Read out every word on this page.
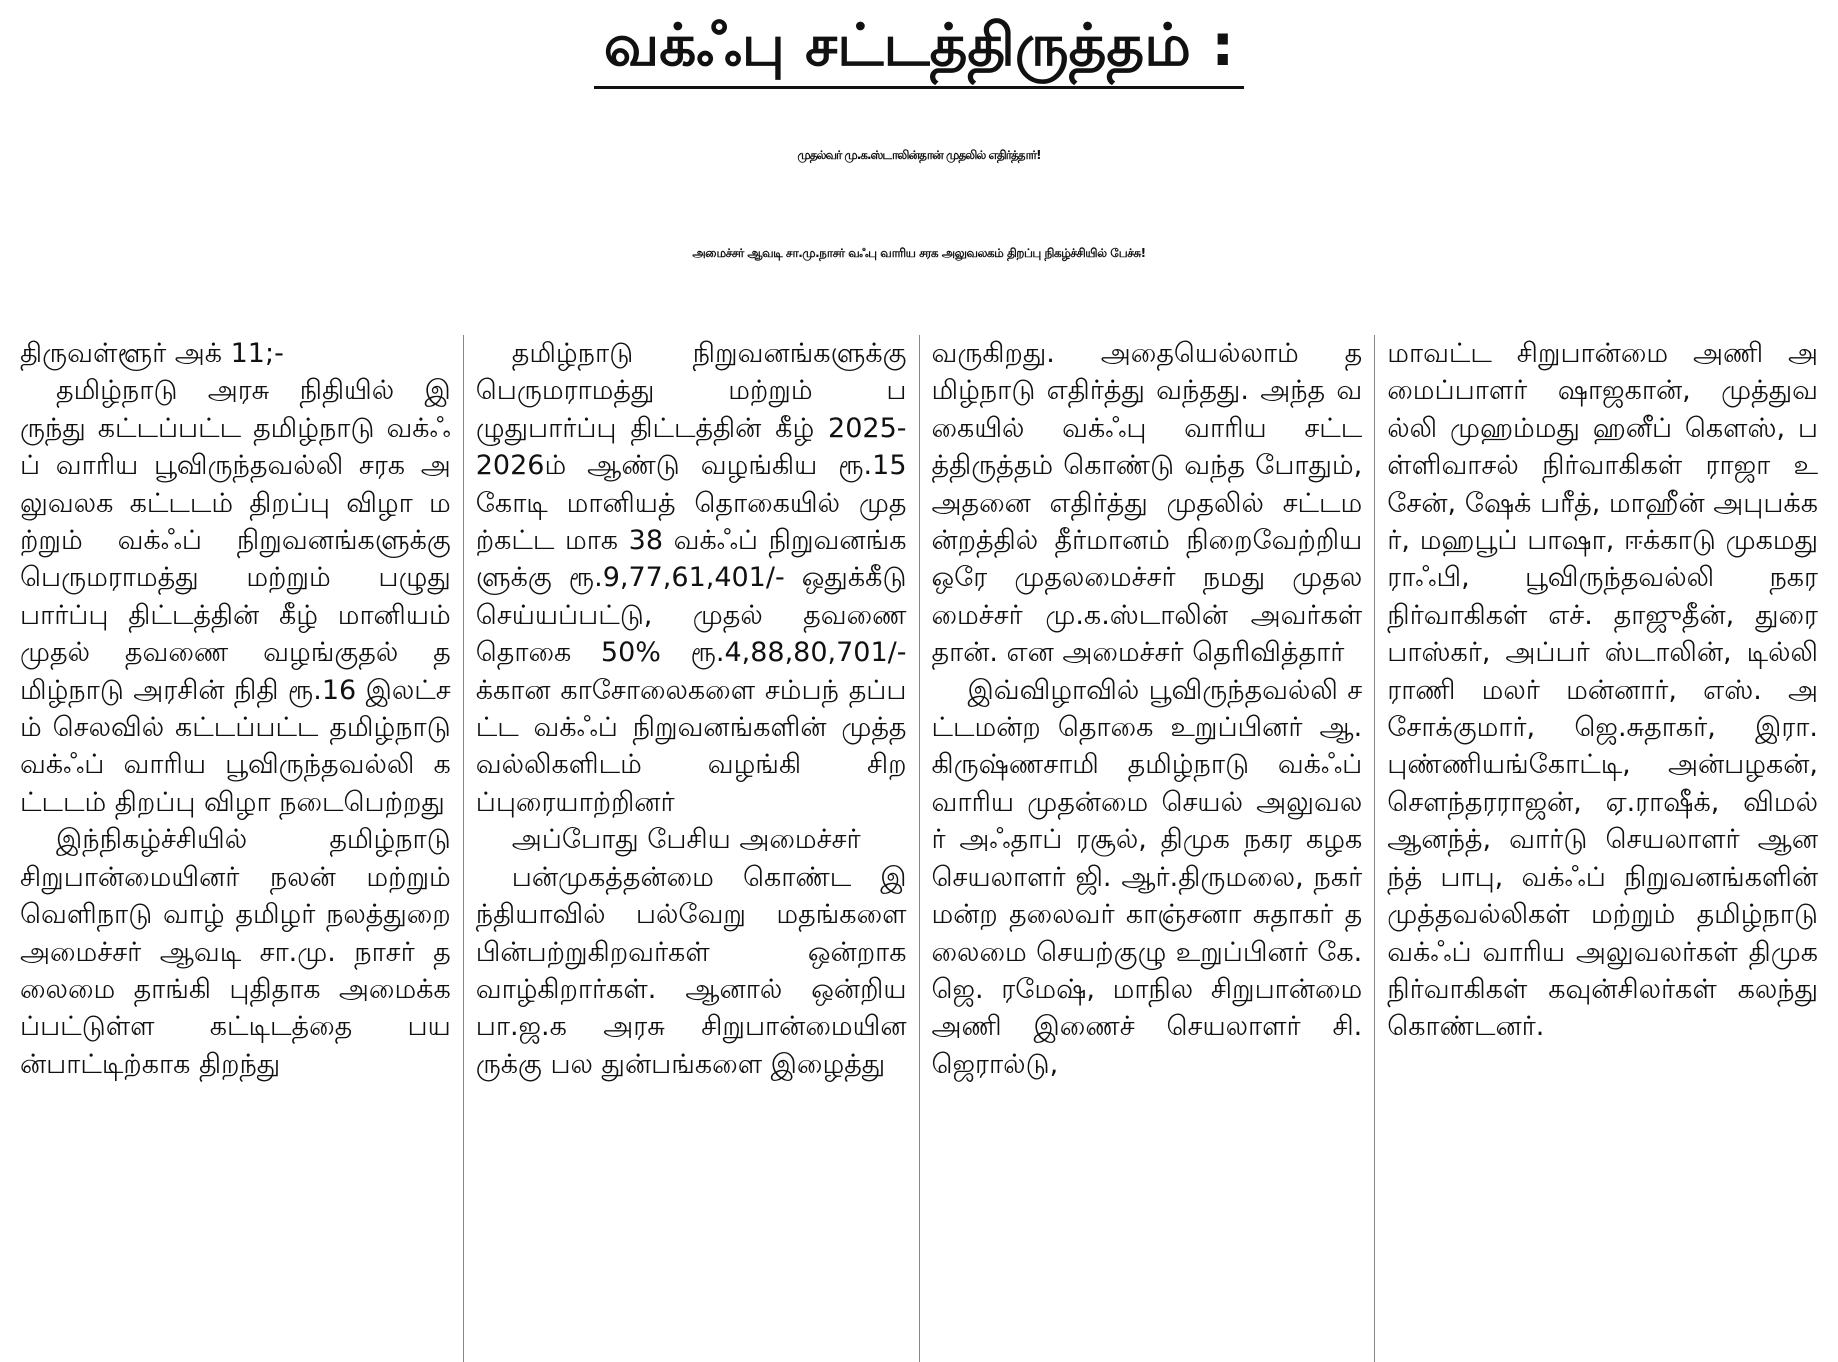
வக்ஃபு சட்டத்திருத்தம் :
முதல்வர் மு.க.ஸ்டாலின்தான் முதலில் எதிர்த்தார்!
அமைச்சர் ஆவடி சா.மு.நாசர் வஃபு வாரிய சரக அலுவலகம் திறப்பு நிகழ்ச்சியில் பேச்சு!

திருவள்ளூர் அக் 11;-

தமிழ்நாடு அரசு நிதியில் இருந்து கட்டப்பட்ட தமிழ்நாடு வக்ஃப் வாரிய பூவிருந்தவல்லி சரக அலுவலக கட்டடம் திறப்பு விழா மற்றும் வக்ஃப் நிறுவனங்களுக்கு பெருமராமத்து மற்றும் பழுது பார்ப்பு திட்டத்தின் கீழ் மானியம் முதல் தவணை வழங்குதல் தமிழ்நாடு அரசின் நிதி ரூ.16 இலட்சம் செலவில் கட்டப்பட்ட தமிழ்நாடு வக்ஃப் வாரிய பூவிருந்தவல்லி கட்டடம் திறப்பு விழா நடைபெற்றது

இந்நிகழ்ச்சியில் தமிழ்நாடு சிறுபான்மையினர் நலன் மற்றும் வெளிநாடு வாழ் தமிழர் நலத்துறை அமைச்சர் ஆவடி சா.மு. நாசர் தலைமை தாங்கி புதிதாக அமைக்கப்பட்டுள்ள கட்டிடத்தை பயன்பாட்டிற்காக திறந்து

தமிழ்நாடு நிறுவனங்களுக்கு பெருமராமத்து மற்றும் பழுதுபார்ப்பு திட்டத்தின் கீழ் 2025-2026ம் ஆண்டு வழங்கிய ரூ.15 கோடி மானியத் தொகையில் முதற்கட்ட மாக 38 வக்ஃப் நிறுவனங்க ளுக்கு ரூ.9,77,61,401/- ஒதுக்கீடு செய்யப்பட்டு, முதல் தவணை தொகை 50% ரூ.4,88,80,701/-க்கான காசோலைகளை சம்பந் தப்பட்ட வக்ஃப் நிறுவனங்களின் முத்தவல்லிகளிடம் வழங்கி சிறப்புரையாற்றினர்

அப்போது பேசிய அமைச்சர்

பன்முகத்தன்மை கொண்ட இந்தியாவில் பல்வேறு மதங்களை பின்பற்றுகிறவர்கள் ஒன்றாக வாழ்கிறார்கள். ஆனால் ஒன்றிய பா.ஜ.க அரசு சிறுபான்மையினருக்கு பல துன்பங்களை இழைத்து

வருகிறது. அதையெல்லாம் தமிழ்நாடு எதிர்த்து வந்தது. அந்த வகையில் வக்ஃபு வாரிய சட்டத்திருத்தம் கொண்டு வந்த போதும், அதனை எதிர்த்து முதலில் சட்டமன்றத்தில் தீர்மானம் நிறைவேற்றிய ஒரே முதலமைச்சர் நமது முதலமைச்சர் மு.க.ஸ்டாலின் அவர்கள் தான். என அமைச்சர் தெரிவித்தார்

இவ்விழாவில் பூவிருந்தவல்லி சட்டமன்ற தொகை உறுப்பினர் ஆ.கிருஷ்ணசாமி தமிழ்நாடு வக்ஃப் வாரிய முதன்மை செயல் அலுவலர் அஃதாப் ரசூல், திமுக நகர கழக செயலாளர் ஜி. ஆர்.திருமலை, நகர் மன்ற தலைவர் காஞ்சனா சுதாகர் தலைமை செயற்குழு உறுப்பினர் கே.ஜெ. ரமேஷ், மாநில சிறுபான்மை அணி இணைச் செயலாளர் சி.ஜெரால்டு,

மாவட்ட சிறுபான்மை அணி அமைப்பாளர் ஷாஜகான், முத்துவல்லி முஹம்மது ஹனீப் கௌஸ், பள்ளிவாசல் நிர்வாகிகள் ராஜா உசேன், ஷேக் பரீத், மாஹீன் அபுபக்கர், மஹபூப் பாஷா, ஈக்காடு முகமது ராஃபி, பூவிருந்தவல்லி நகர நிர்வாகிகள் எச். தாஜுதீன், துரை பாஸ்கர், அப்பர் ஸ்டாலின், டில்லி ராணி மலர் மன்னார், எஸ். அசோக்குமார், ஜெ.சுதாகர், இரா. புண்ணியங்கோட்டி, அன்பழகன், சௌந்தரராஜன், ஏ.ராஷீக், விமல் ஆனந்த், வார்டு செயலாளர் ஆனந்த் பாபு, வக்ஃப் நிறுவனங்களின் முத்தவல்லிகள் மற்றும் தமிழ்நாடு வக்ஃப் வாரிய அலுவலர்கள் திமுக நிர்வாகிகள் கவுன்சிலர்கள் கலந்து கொண்டனர்.
